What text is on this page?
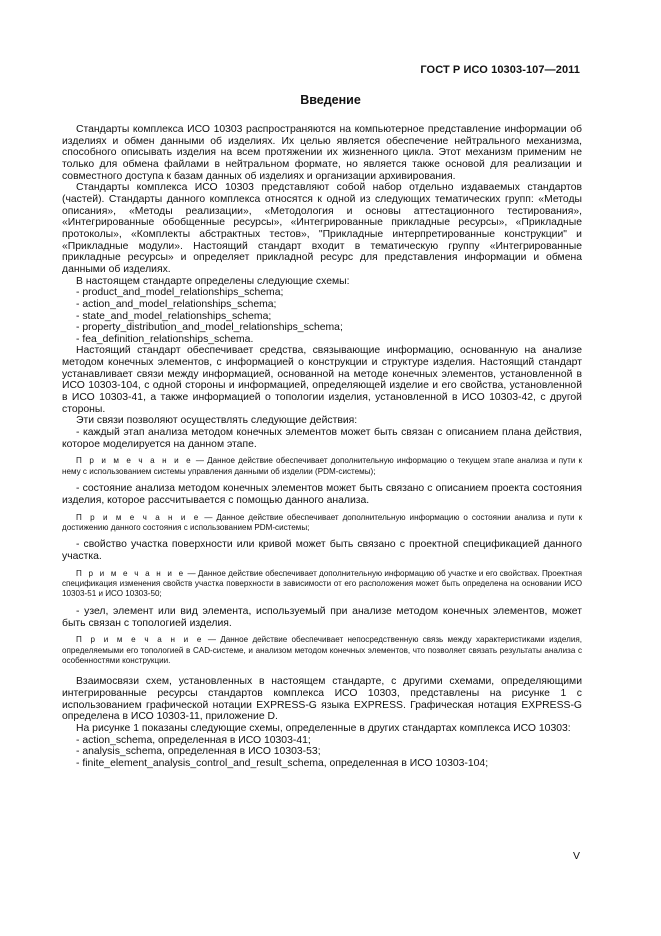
ГОСТ Р ИСО 10303-107—2011
Введение

Стандарты комплекса ИСО 10303 распространяются на компьютерное представление информации об изделиях и обмен данными об изделиях. Их целью является обеспечение нейтрального механизма, способного описывать изделия на всем протяжении их жизненного цикла. Этот механизм применим не только для обмена файлами в нейтральном формате, но является также основой для реализации и совместного доступа к базам данных об изделиях и организации архивирования.

Стандарты комплекса ИСО 10303 представляют собой набор отдельно издаваемых стандартов (частей). Стандарты данного комплекса относятся к одной из следующих тематических групп: «Методы описания», «Методы реализации», «Методология и основы аттестационного тестирования», «Интегрированные обобщенные ресурсы», «Интегрированные прикладные ресурсы», «Прикладные протоколы», «Комплекты абстрактных тестов», "Прикладные интерпретированные конструкции" и «Прикладные модули». Настоящий стандарт входит в тематическую группу «Интегрированные прикладные ресурсы» и определяет прикладной ресурс для представления информации и обмена данными об изделиях.

В настоящем стандарте определены следующие схемы:

- product_and_model_relationships_schema;

- action_and_model_relationships_schema;

- state_and_model_relationships_schema;

- property_distribution_and_model_relationships_schema;

- fea_definition_relationships_schema.

Настоящий стандарт обеспечивает средства, связывающие информацию, основанную на анализе методом конечных элементов, с информацией о конструкции и структуре изделия. Настоящий стандарт устанавливает связи между информацией, основанной на методе конечных элементов, установленной в ИСО 10303-104, с одной стороны и информацией, определяющей изделие и его свойства, установленной в ИСО 10303-41, а также информацией о топологии изделия, установленной в ИСО 10303-42, с другой стороны.

Эти связи позволяют осуществлять следующие действия:

- каждый этап анализа методом конечных элементов может быть связан с описанием плана действия, которое моделируется на данном этапе.

П р и м е ч а н и е — Данное действие обеспечивает дополнительную информацию о текущем этапе анализа и пути к нему с использованием системы управления данными об изделии (PDM-системы);

- состояние анализа методом конечных элементов может быть связано с описанием проекта состояния изделия, которое рассчитывается с помощью данного анализа.

П р и м е ч а н и е — Данное действие обеспечивает дополнительную информацию о состоянии анализа и пути к достижению данного состояния с использованием PDM-системы;

- свойство участка поверхности или кривой может быть связано с проектной спецификацией данного участка.

П р и м е ч а н и е — Данное действие обеспечивает дополнительную информацию об участке и его свойствах. Проектная спецификация изменения свойств участка поверхности в зависимости от его расположения может быть определена на основании ИСО 10303-51 и ИСО 10303-50;

- узел, элемент или вид элемента, используемый при анализе методом конечных элементов, может быть связан с топологией изделия.

П р и м е ч а н и е — Данное действие обеспечивает непосредственную связь между характеристиками изделия, определяемыми его топологией в CAD-системе, и анализом методом конечных элементов, что позволяет связать результаты анализа с особенностями конструкции.

Взаимосвязи схем, установленных в настоящем стандарте, с другими схемами, определяющими интегрированные ресурсы стандартов комплекса ИСО 10303, представлены на рисунке 1 с использованием графической нотации EXPRESS-G языка EXPRESS. Графическая нотация EXPRESS-G определена в ИСО 10303-11, приложение D.

На рисунке 1 показаны следующие схемы, определенные в других стандартах комплекса ИСО 10303:

- action_schema, определенная в ИСО 10303-41;

- analysis_schema, определенная в ИСО 10303-53;

- finite_element_analysis_control_and_result_schema, определенная в ИСО 10303-104;

V
